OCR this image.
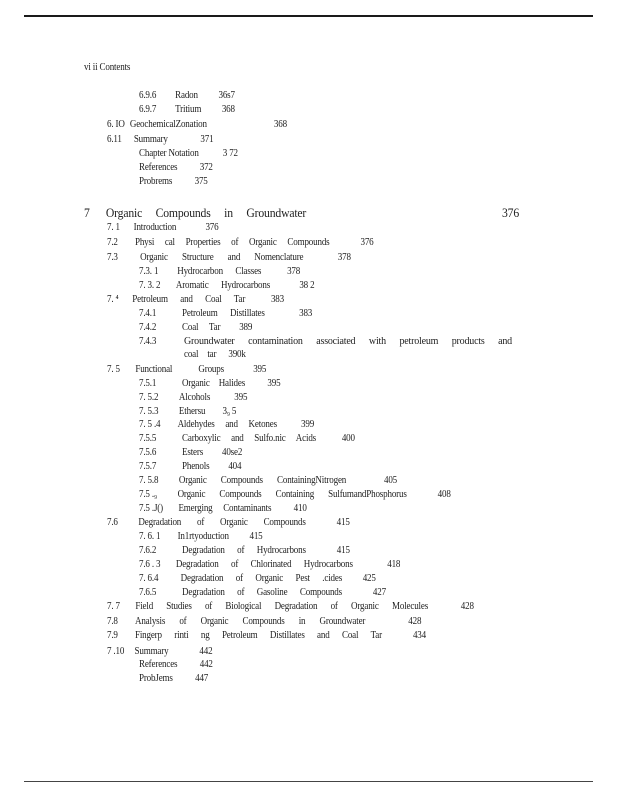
vi ii Contents
6.9.6 Radon 36s7
6.9.7 Tritium 368
6. IO GeochemicalZonation	368
6.11 Summary	371
Chapter Notation 3 72
References 372
Probrems 375
7 Organic Compounds in Groundwater	376
7. 1 Introduction	376
7.2 Physi cal Properties of Organic Compounds	376
7.3 Organic Structure and Nomenclature	378
7.3. 1 Hydrocarbon Classes 378
7. 3. 2 Aromatic Hydrocarbons	38 2
7. ⁴ Petroleum and Coal Tar 383
7.4.1 Petroleum Distillates	383
7.4.2 Coal Tar 389
7.4.3	Groundwater contamination associated with petroleum products and
coal tar 390k
7. 5 Functional Groups	395
7.5.1 Organic Halides 395
7. 5.2 Alcohols 395
7. 5.3 Ethersu 3₉ 5
7. 5 .4 Aldehydes and Ketones 399
7.5.5 Carboxylic and Sulfo.nic Acids 400
7.5.6 Esters 40se2
7.5.7 Phenols 404
7. 5.8 Organic Compounds ContainingNitrogen	405
7.5 .₉ Organic Compounds Containing SulfumandPhosphorus	408
7.5 .J() Emerging Contaminants 410
7.6 Degradation of Organic Compounds	415
7. 6. 1 In1rtyoduction 415
7.6.2 Degradation of Hydrocarbons	415
7.6 . 3 Degradation of Chlorinated Hydrocarbons	418
7. 6.4 Degradation of Organic Pest .cides 425
7.6.5 Degradation of Gasoline Compounds	427
7. 7 Field Studies of Biological Degradation of Organic Molecules	428
7.8 Analysis of Organic Compounds in Groundwater	428
7.9 Fingerp rinti ng Petroleum Distillates and Coal Tar	434
7 .10 Summary	442
References 442
ProbJems 447
